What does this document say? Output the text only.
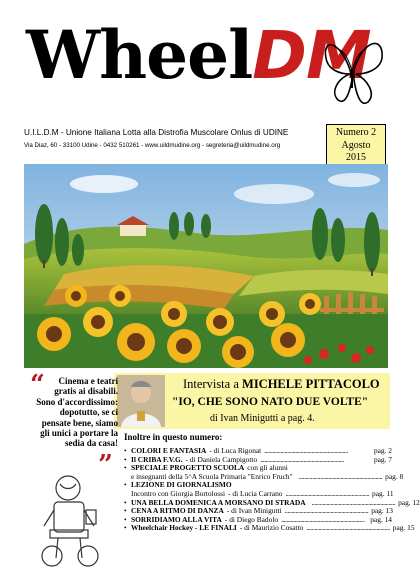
WheelDM
U.I.L.D.M - Unione Italiana Lotta alla Distrofia Muscolare Onlus di UDINE
Via Diaz, 60 - 33100 Udine - 0432 510261 - www.uildmudine.org - segreteria@uildmudine.org
Numero 2
Agosto
2015
Intervista a MICHELE PITTACOLO
"IO, CHE SONO NATO DUE VOLTE"
di Ivan Minigutti a pag. 4.
“	Cinema e teatri
gratis ai disabili.
Sono d'accordissimo:
dopotutto, se ci
pensate bene, siamo
gli unici a portare la
sedia da casa!
”
Inoltre in questo numero:
• COLORI E FANTASIA - di Luca Rigonat ..............................................................	pag. 2
• Il CRIBA F.V.G. - di Daniela Campigotto ..............................................................	pag. 7
• SPECIALE PROGETTO SCUOLA con gli alunni
e insegnanti della 5^A Scuola Primaria "Enrico Fruch" .............................................................. pag. 8
• LEZIONE DI GIORNALISMO
Incontro con Giorgia Bortolossi - di Lucia Carrano .............................................................. pag. 11
• UNA BELLA DOMENICA A MORSANO DI STRADA .............................................................. pag. 12
• CENA A RITMO DI DANZA - di Ivan Minigutti .............................................................. pag. 13
• SORRIDIAMO ALLA VITA - di Diego Badolo .............................................................. pag. 14
• Wheelchair Hockey - LE FINALI - di Maurizio Cosatto .............................................................. pag. 15
